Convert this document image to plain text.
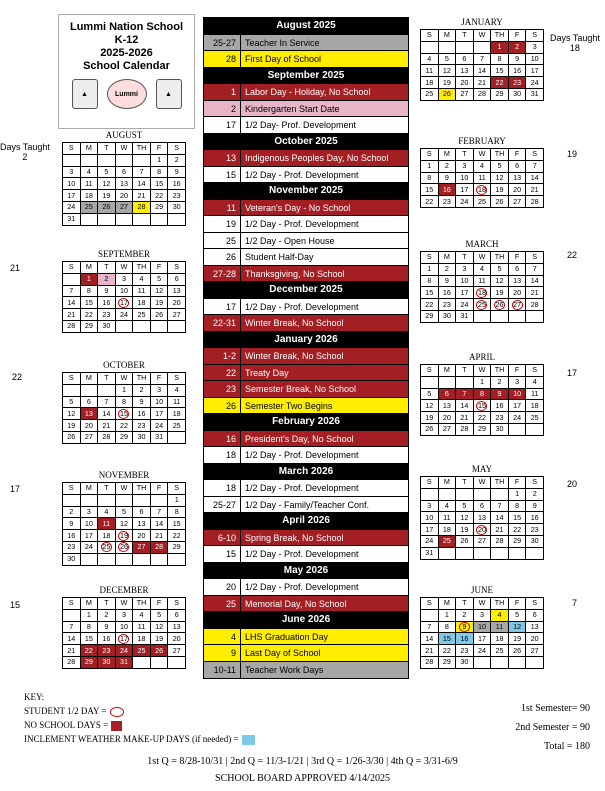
Lummi Nation School
K-12
2025-2026
School Calendar
▲	Lummi	▲
August 2025
25-27	Teacher In Service
28	First Day of School
September 2025
1	Labor Day - Holiday, No School
2	Kindergarten Start Date
17	1/2 Day- Prof. Development
October 2025
13	Indigenous Peoples Day, No School
15	1/2 Day - Prof. Development
November 2025
11	Veteran's Day - No School
19	1/2 Day - Prof. Development
25	1/2 Day - Open House
26	Student Half-Day
27-28	Thanksgiving, No School
December 2025
17	1/2 Day - Prof. Development
22-31	Winter Break, No School
January 2026
1-2	Winter Break, No School
22	Treaty Day
23	Semester Break, No School
26	Semester Two Begins
February 2026
16	President's Day, No School
18	1/2 Day - Prof. Development
March 2026
18	1/2 Day - Prof. Development
25-27	1/2 Day - Family/Teacher Conf.
April 2026
6-10	Spring Break, No School
15	1/2 Day - Prof. Development
May 2026
20	1/2 Day - Prof. Development
25	Memorial Day, No School
June 2026
4	LHS Graduation Day
9	Last Day of School
10-11	Teacher Work Days
AUGUST
S	M	T	W	TH	F	S
					1	2
3	4	5	6	7	8	9
10	11	12	13	14	15	16
17	18	19	20	21	22	23
24	25	26	27	28	29	30
31						
Days Taught
2
SEPTEMBER
S	M	T	W	TH	F	S
	1	2	3	4	5	6
7	8	9	10	11	12	13
14	15	16	17	18	19	20
21	22	23	24	25	26	27
28	29	30				
21
OCTOBER
S	M	T	W	TH	F	S
			1	2	3	4
5	6	7	8	9	10	11
12	13	14	15	16	17	18
19	20	21	22	23	24	25
26	27	28	29	30	31	
22
NOVEMBER
S	M	T	W	TH	F	S
						1
2	3	4	5	6	7	8
9	10	11	12	13	14	15
16	17	18	19	20	21	22
23	24	25	26	27	28	29
30						
17
DECEMBER
S	M	T	W	TH	F	S
	1	2	3	4	5	6
7	8	9	10	11	12	13
14	15	16	17	18	19	20
21	22	23	24	25	26	27
28	29	30	31			
15
JANUARY
S	M	T	W	TH	F	S
				1	2	3
4	5	6	7	8	9	10
11	12	13	14	15	16	17
18	19	20	21	22	23	24
25	26	27	28	29	30	31
Days Taught
18
FEBRUARY
S	M	T	W	TH	F	S
1	2	3	4	5	6	7
8	9	10	11	12	13	14
15	16	17	18	19	20	21
22	23	24	25	26	27	28
19
MARCH
S	M	T	W	TH	F	S
1	2	3	4	5	6	7
8	9	10	11	12	13	14
15	16	17	18	19	20	21
22	23	24	25	26	27	28
29	30	31				
22
APRIL
S	M	T	W	TH	F	S
			1	2	3	4
5	6	7	8	9	10	11
12	13	14	15	16	17	18
19	20	21	22	23	24	25
26	27	28	29	30		
17
MAY
S	M	T	W	TH	F	S
					1	2
3	4	5	6	7	8	9
10	11	12	13	14	15	16
17	18	19	20	21	22	23
24	25	26	27	28	29	30
31						
20
JUNE
S	M	T	W	TH	F	S
	1	2	3	4	5	6
7	8	9	10	11	12	13
14	15	16	17	18	19	20
21	22	23	24	25	26	27
28	29	30				
7
KEY:
STUDENT 1/2 DAY =
NO SCHOOL DAYS =
INCLEMENT WEATHER MAKE-UP DAYS (if needed) =
1st Semester= 90
2nd Semester = 90
Total = 180
1st Q = 8/28-10/31 | 2nd Q = 11/3-1/21 | 3rd Q = 1/26-3/30 | 4th Q = 3/31-6/9
SCHOOL BOARD APPROVED 4/14/2025
